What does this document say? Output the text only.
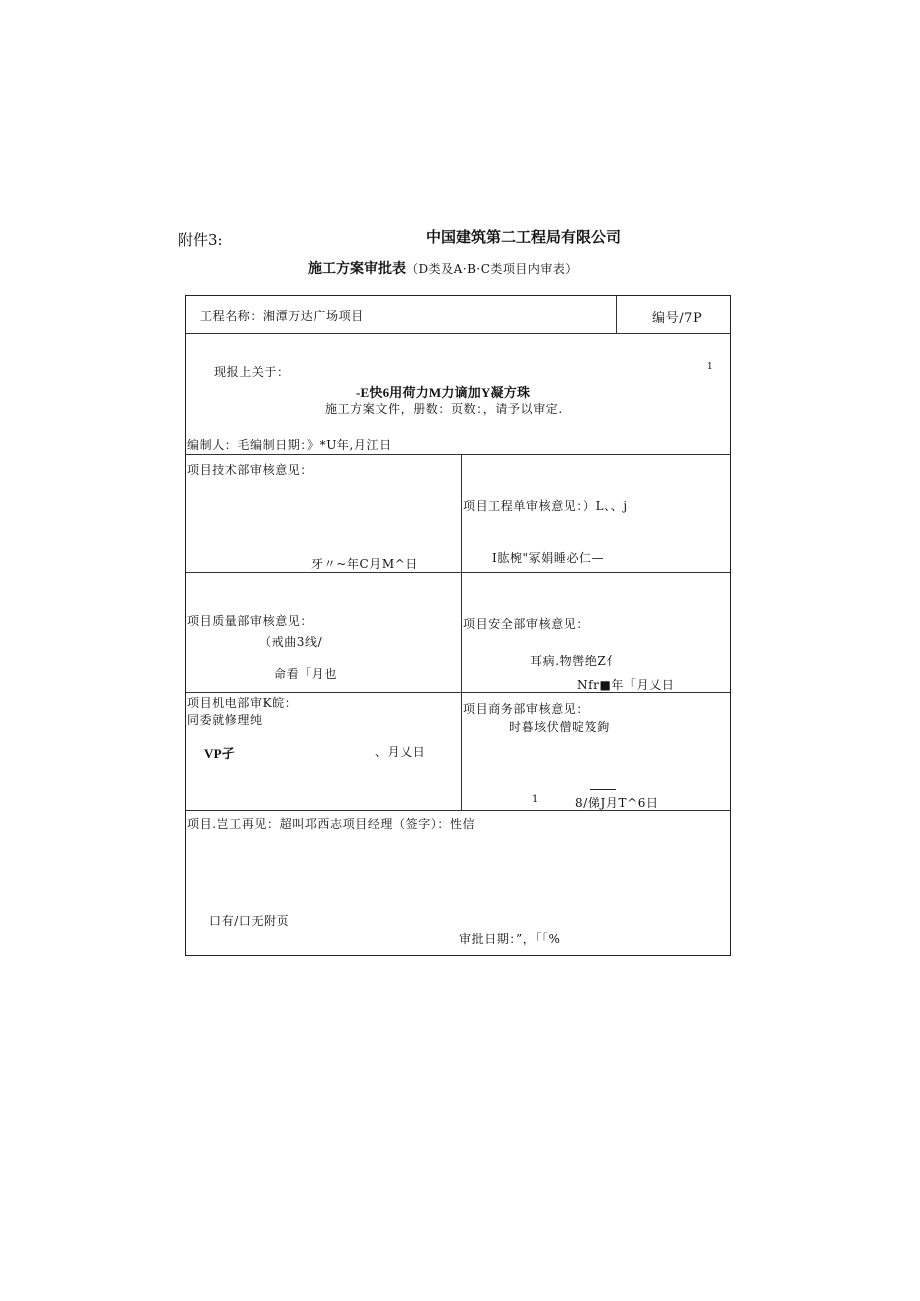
附件3:	中国建筑第二工程局有限公司
施工方案审批表（D类及A·B·C类项目内审表）
工程名称：湘潭万达广场项目	编号/7P
现报上关于：	1
-E快6用荷力M力谪加Y凝方珠
施工方案文件，册数：页数：，请予以审定.
编制人：毛编制日期：》*U年,月江日
项目技术部审核意见：
牙〃~年C月M^日
项目工程单审核意见：）L、、j
I肱椀"冢娟睡必仁—
项目质量部审核意见：
（戒曲3线/
命看「月也
项目安全部审核意见：
耳病.物辔绝Z亻
Nfr■年「月乂日
项目机电部审K皖：
同委就修理纯
VP孑	、月乂日
项目商务部审核意见：
时暮垓伏僧啶笈鉤
1	8/俤J月T^6日
项目.岂工再见：超叫邛西志项目经理（签字）：性信
口有/口无附页
审批日期：”，「「%
